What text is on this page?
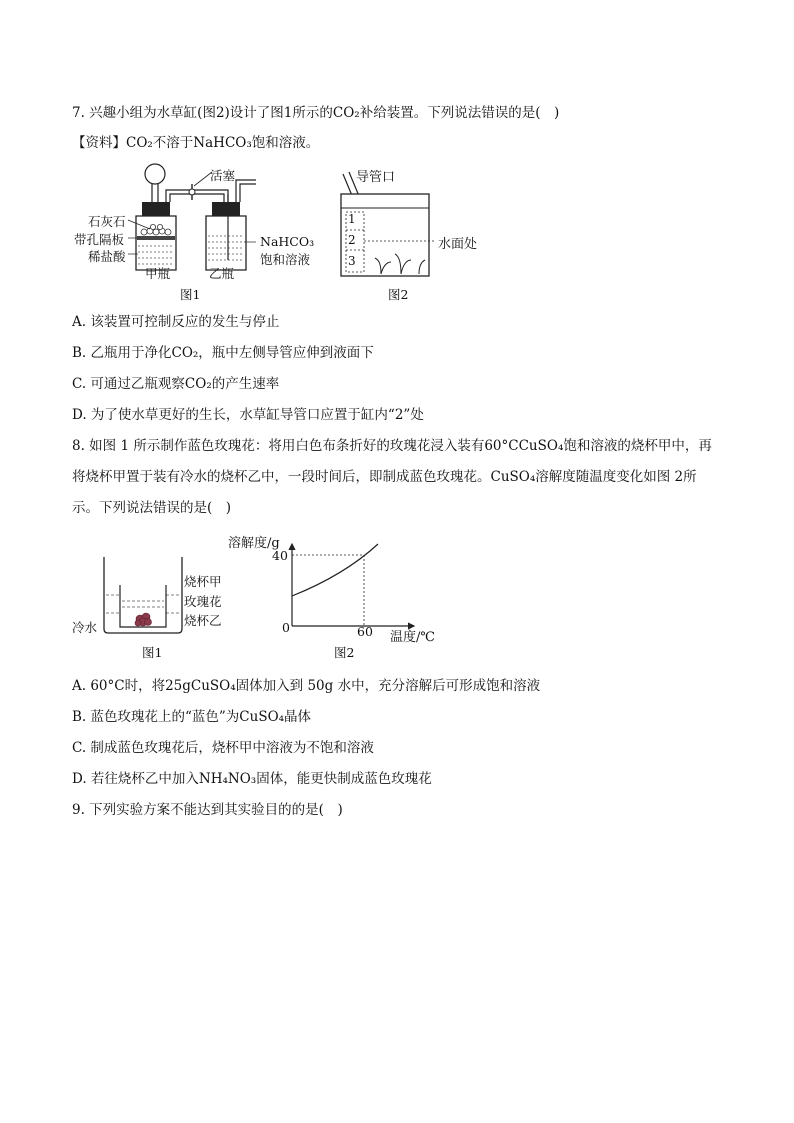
7. 兴趣小组为水草缸(图2)设计了图1所示的CO₂补给装置。下列说法错误的是(　)
【资料】CO₂不溶于NaHCO₃饱和溶液。
活塞
石灰石
带孔隔板
稀盐酸
NaHCO₃
饱和溶液
甲瓶	乙瓶
图1
导管口
1
2
3
水面处
图2
A. 该装置可控制反应的发生与停止
B. 乙瓶用于净化CO₂，瓶中左侧导管应伸到液面下
C. 可通过乙瓶观察CO₂的产生速率
D. 为了使水草更好的生长，水草缸导管口应置于缸内“2”处
8. 如图 1 所示制作蓝色玫瑰花：将用白色布条折好的玫瑰花浸入装有60°CCuSO₄饱和溶液的烧杯甲中，再
将烧杯甲置于装有冷水的烧杯乙中，一段时间后，即制成蓝色玫瑰花。CuSO₄溶解度随温度变化如图 2所
示。下列说法错误的是(　)
烧杯甲
玫瑰花
烧杯乙
冷水
图1
溶解度/g
40
0	60 温度/℃
图2
A. 60°C时，将25gCuSO₄固体加入到 50g 水中，充分溶解后可形成饱和溶液
B. 蓝色玫瑰花上的“蓝色”为CuSO₄晶体
C. 制成蓝色玫瑰花后，烧杯甲中溶液为不饱和溶液
D. 若往烧杯乙中加入NH₄NO₃固体，能更快制成蓝色玫瑰花
9. 下列实验方案不能达到其实验目的的是(　)
